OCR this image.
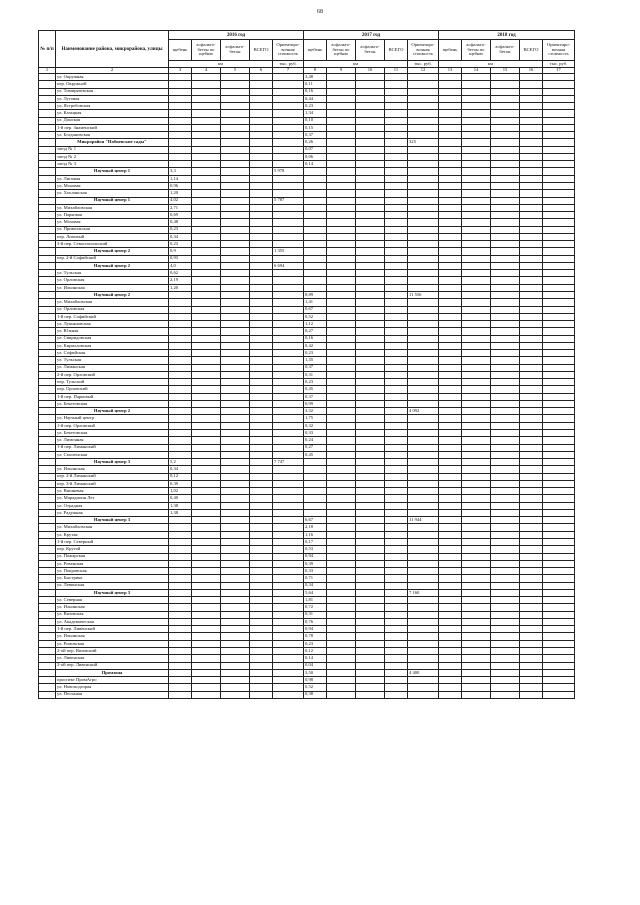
68
№ п/п	Наименование района, микрорайона, улицы	2016 год					2017 год					2018 год				
		щебень	асфальто-бетон по щебню	асфальто-бетон	ВСЕГО	Ориентиро-вочная стоимость	щебень	асфальто-бетон по щебню	асфальто-бетон	ВСЕГО	Ориентиро-вочная стоимость	щебень	асфальто-бетон по щебню	асфальто-бетон	ВСЕГО	Ориентиро-вочная стоимость
		км				тыс. руб.	км				тыс. руб.	км				тыс. руб.
1	2	3	4	5	6	7	8	9	10	11	12	13	14	15	16	17
	ул. Окружная						3,48									
	пер. Окружной						0,11									
	ул. Тимирязевская						0,16									
	ул. Луговая						0,44									
	ул. Ястребовская						0,23									
	ул. Казацкая						1,34									
	ул. Донская						0,10									
	1-й пер. Знаменский						0,15									
	ул. Богдановская						0,37									
	Микрорайон "Набиевские сады"						0,26				325					
	заезд № 1						0,07									
	заезд № 2						0,06									
	заезд № 3						0,14									
	Научный центр 1	3,3				5 978										
	ул. Липовая	1,14														
	ул. Моховая	0,96														
	ул. Хохлинская	1,20														
	Научный центр 1	4,02				5 787										
	ул. Михайловская	2,71														
	ул. Парковая	0,69														
	ул. Моховая	0,48														
	ул. Приволжская	0,23														
	пер. Липовый	0,34														
	3-й пер. Севастопольский	0,23														
	Научный центр 2	0,9				1 355										
	пер. 2-й Софийский	0,93														
	Научный центр 2	4,0				6 694										
	ул. Тульская	0,62														
	ул. Орловская	2,19														
	ул. Ильинская	1,20														
	Научный центр 2						8,89				11 556					
	ул. Михайловская						1,41									
	ул. Орловская						0,67									
	1-й пер. Софийский						0,52									
	ул. Лукьяновская						1,12									
	ул. Южная						0,27									
	ул. Свиридовская						0,16									
	ул. Кирилловская						0,42									
	ул. Софийская						0,23									
	ул. Тульская						1,35									
	ул. Лиманская						0,37									
	2-й пер. Орловский						0,31									
	пер. Тульский						0,23									
	пер. Орловский						0,45									
	1-й пер. Парковый						0,37									
	ул. Бекетовская						0,99									
	Научный центр 2						3,32				4 092					
	ул. Научный центр						1,75									
	1-й пер. Орловский						0,32									
	ул. Бекетовская						0,33									
	ул. Лимонная						0,24									
	1-й пер. Лиманский						0,27									
	ул. Смоленская						0,45									
	Научный центр 3	5,2				7 747										
	ул. Ильинская	0,34														
	пер. 2-й Лиманский	0,12														
	пер. 3-й Лиманский	0,39														
	ул. Вишневая	1,02														
	ул. Марадиоин Лет	0,40														
	ул. Отрадная	1,38														
	ул. Радужная	1,38														
	Научный центр 3						6,67				11 944					
	ул. Михайловская						2,18									
	ул. Крутая						1,16									
	1-й пер. Северный						0,17									
	пер. Крутой						0,53									
	ул. Пожарская						0,94									
	ул. Ровенская						0,39									
	ул. Покровская						0,33									
	ул. Быстрика						0,71									
	ул. Левинская						0,34									
	Научный центр 3						5,64				7 160					
	ул. Северная						1,81									
	ул. Ильинская						0,72									
	ул. Вязовская						0,31									
	ул. Академическая						0,76									
	1-й пер. Ливенский						0,94									
	ул. Ильинская						0,78									
	ул. Ромовская						0,23									
	2-ой пер. Вязовский						0,12									
	ул. Ливенская						0,14									
	2-ой пер. Ливенский						0,04									
	Промзона						3,50				4 400					
	проспект ПромАгро						0,98									
	ул. Новоподгорая						0,52									
	ул. Песчаная						0,38									
